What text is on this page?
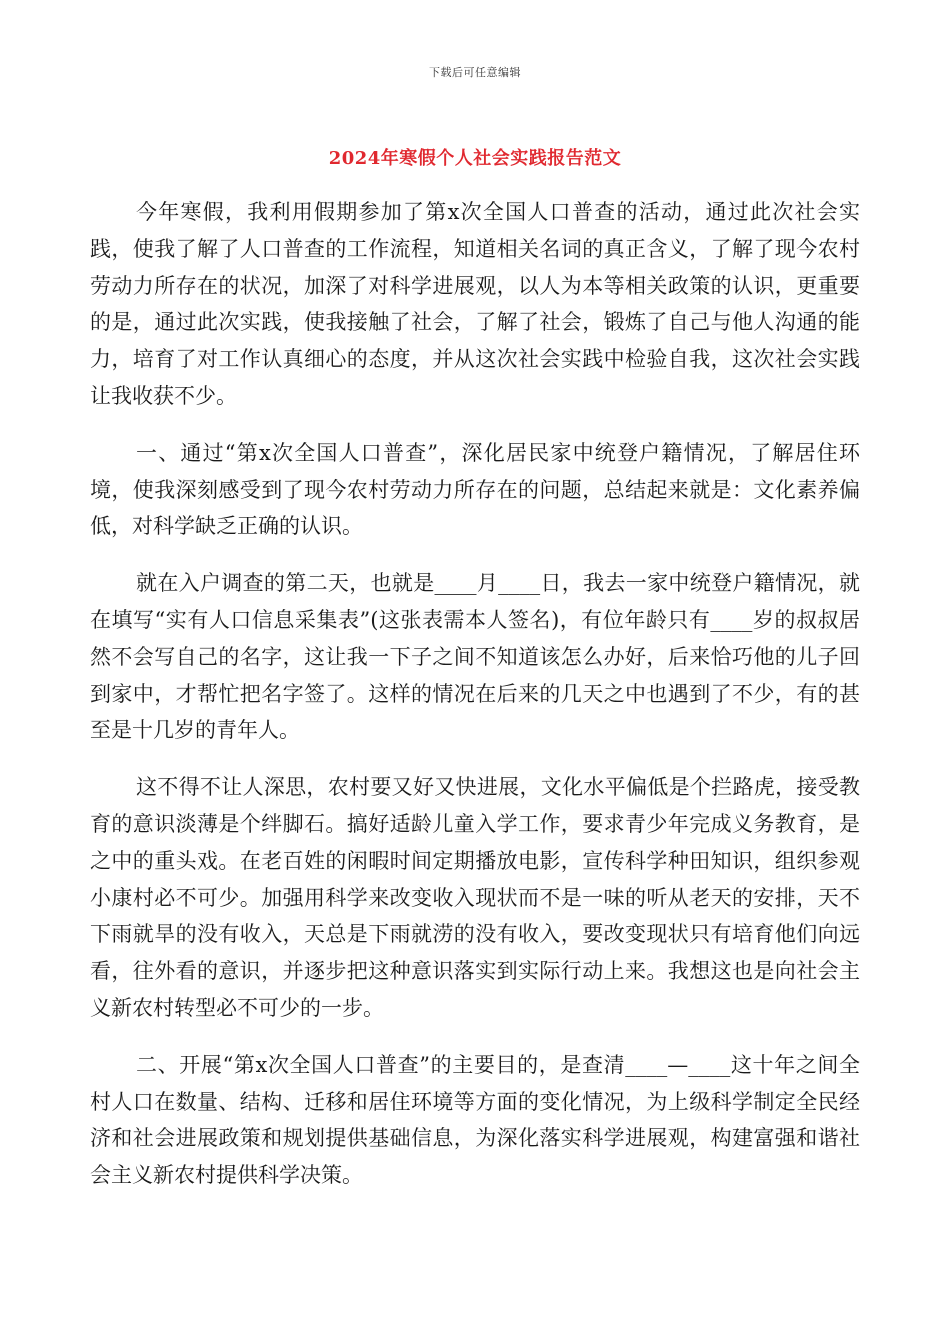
下载后可任意编辑
2024年寒假个人社会实践报告范文

今年寒假，我利用假期参加了第x次全国人口普查的活动，通过此次社会实践，使我了解了人口普查的工作流程，知道相关名词的真正含义，了解了现今农村劳动力所存在的状况，加深了对科学进展观，以人为本等相关政策的认识，更重要的是，通过此次实践，使我接触了社会，了解了社会，锻炼了自己与他人沟通的能力，培育了对工作认真细心的态度，并从这次社会实践中检验自我，这次社会实践让我收获不少。

一、通过“第x次全国人口普查”，深化居民家中统登户籍情况，了解居住环境，使我深刻感受到了现今农村劳动力所存在的问题，总结起来就是：文化素养偏低，对科学缺乏正确的认识。

就在入户调查的第二天，也就是____月____日，我去一家中统登户籍情况，就在填写“实有人口信息采集表”(这张表需本人签名)，有位年龄只有____岁的叔叔居然不会写自己的名字，这让我一下子之间不知道该怎么办好，后来恰巧他的儿子回到家中，才帮忙把名字签了。这样的情况在后来的几天之中也遇到了不少，有的甚至是十几岁的青年人。

这不得不让人深思，农村要又好又快进展，文化水平偏低是个拦路虎，接受教育的意识淡薄是个绊脚石。搞好适龄儿童入学工作，要求青少年完成义务教育，是之中的重头戏。在老百姓的闲暇时间定期播放电影，宣传科学种田知识，组织参观小康村必不可少。加强用科学来改变收入现状而不是一味的听从老天的安排，天不下雨就旱的没有收入，天总是下雨就涝的没有收入，要改变现状只有培育他们向远看，往外看的意识，并逐步把这种意识落实到实际行动上来。我想这也是向社会主义新农村转型必不可少的一步。

二、开展“第x次全国人口普查”的主要目的，是查清____—____这十年之间全村人口在数量、结构、迁移和居住环境等方面的变化情况，为上级科学制定全民经济和社会进展政策和规划提供基础信息，为深化落实科学进展观，构建富强和谐社会主义新农村提供科学决策。
